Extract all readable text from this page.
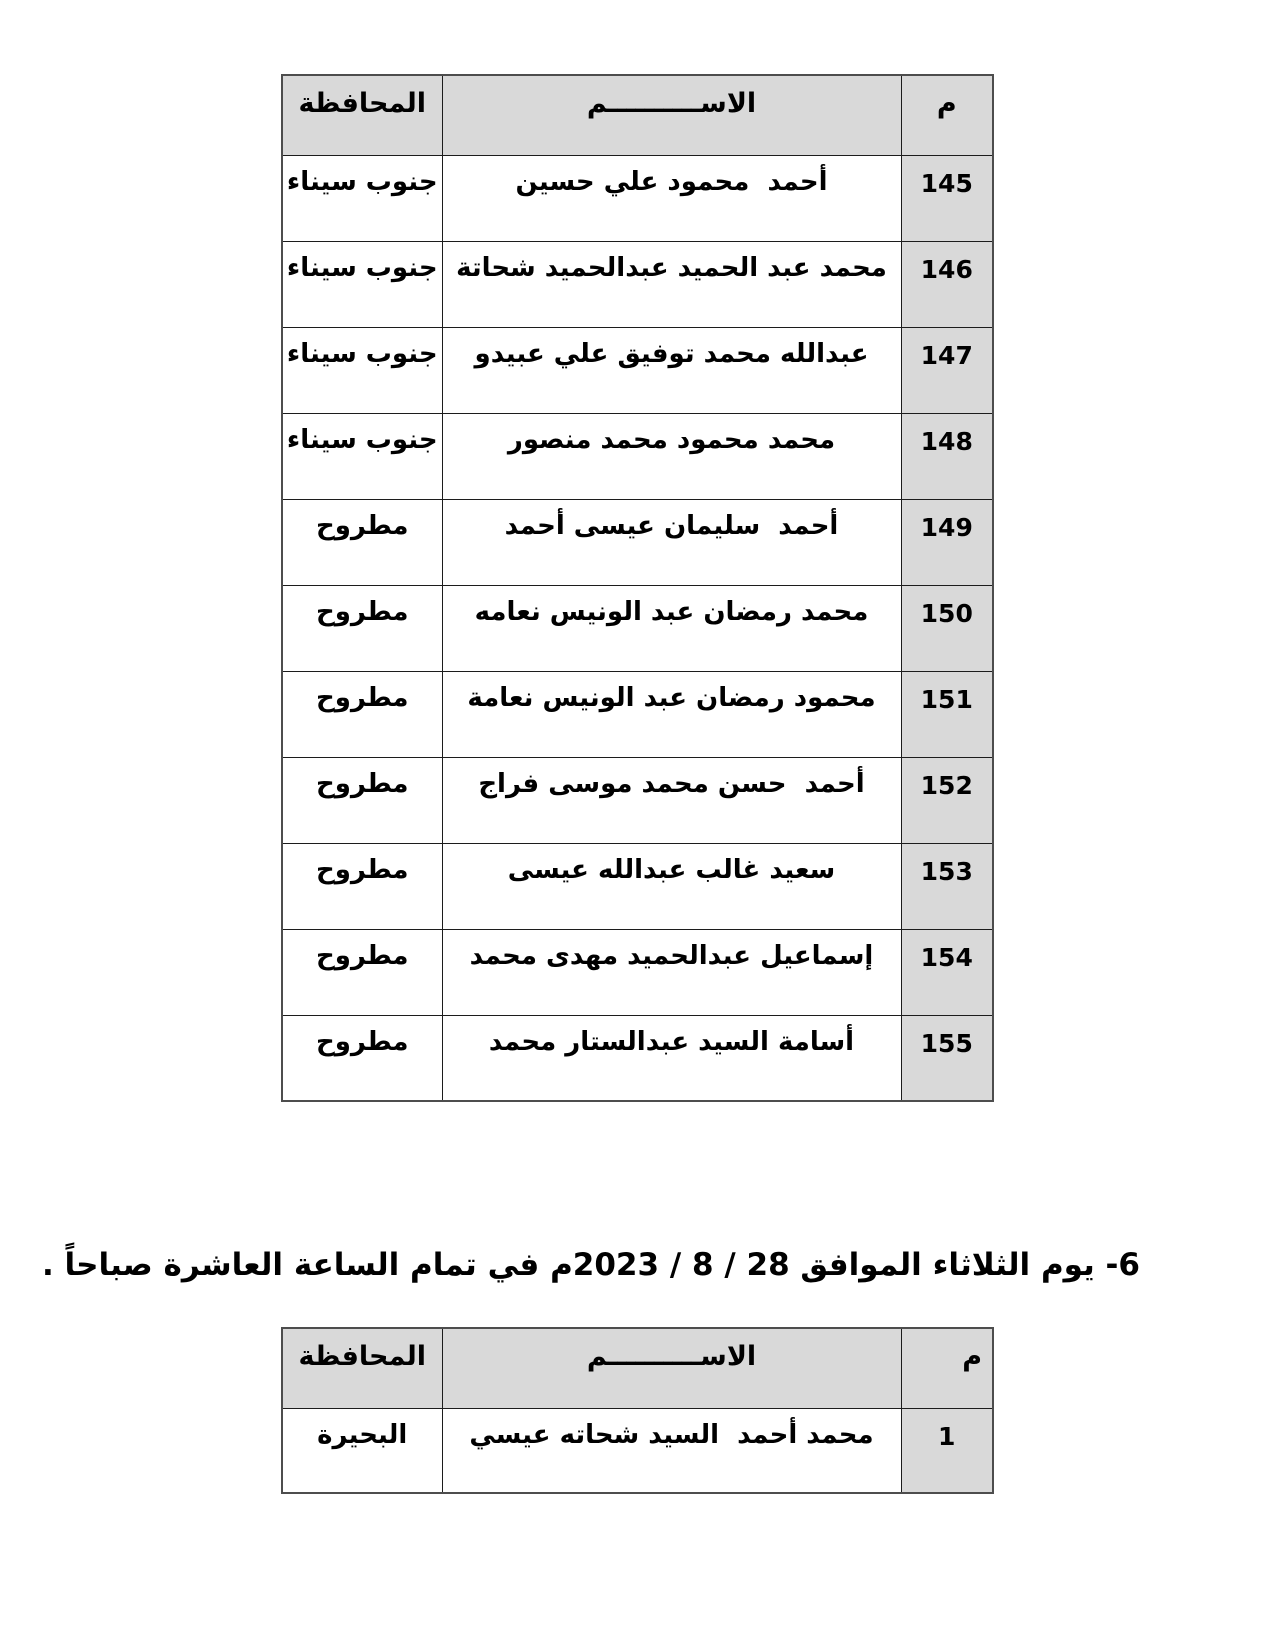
م	الاســــــــــم	المحافظة
145	أحمد  محمود علي حسين	جنوب سيناء
146	محمد عبد الحميد عبدالحميد شحاتة	جنوب سيناء
147	عبدالله محمد توفيق علي عبيدو	جنوب سيناء
148	محمد محمود محمد منصور	جنوب سيناء
149	أحمد  سليمان عيسى أحمد	مطروح
150	محمد رمضان عبد الونيس نعامه	مطروح
151	محمود رمضان عبد الونيس نعامة	مطروح
152	أحمد  حسن محمد موسى فراج	مطروح
153	سعيد غالب عبدالله عيسى	مطروح
154	إسماعيل عبدالحميد مهدى محمد	مطروح
155	أسامة السيد عبدالستار محمد	مطروح
6- يوم الثلاثاء الموافق 28 / 8 / 2023م في تمام الساعة العاشرة صباحاً .
م	الاســــــــــم	المحافظة
1	محمد أحمد  السيد شحاته عيسي	البحيرة
